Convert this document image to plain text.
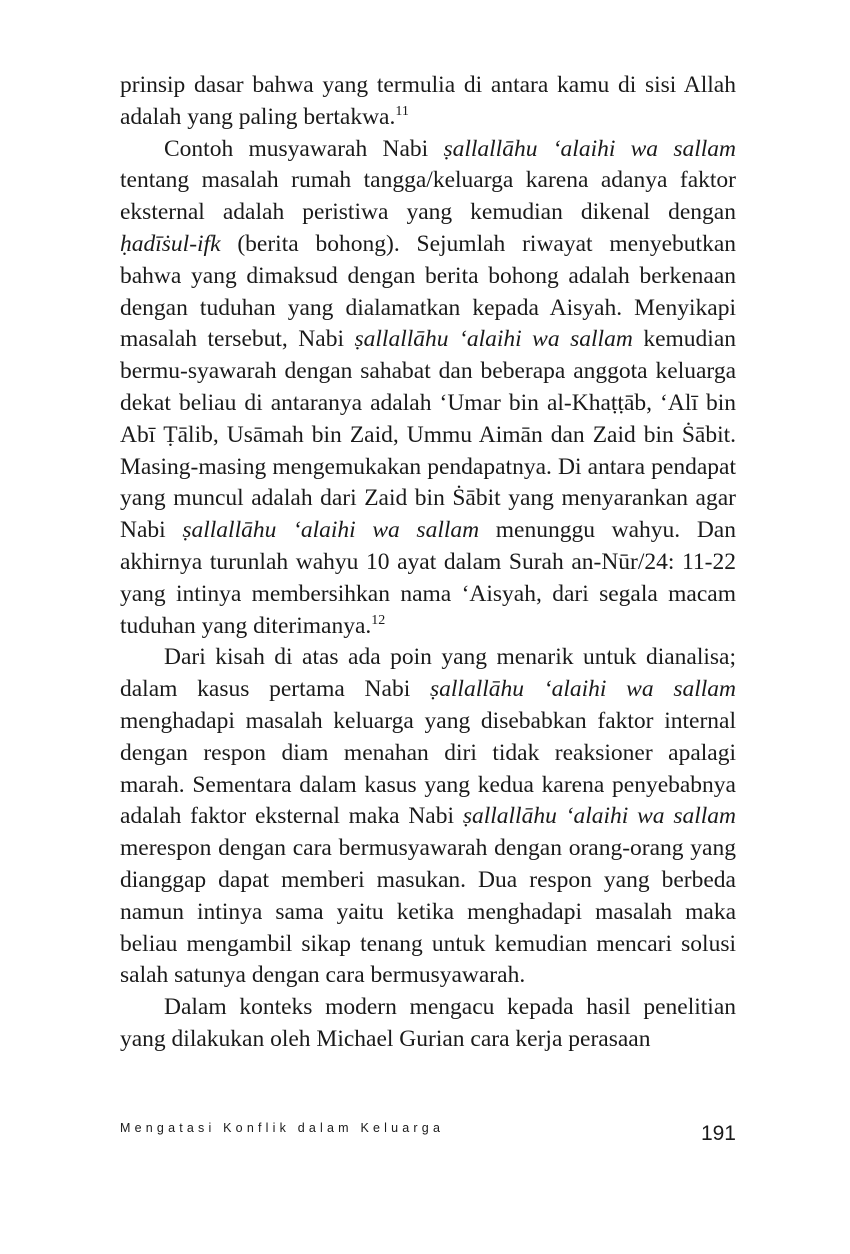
prinsip dasar bahwa yang termulia di antara kamu di sisi Allah adalah yang paling bertakwa.$^{11}$

Contoh musyawarah Nabi ṣallallāhu ‘alaihi wa sallam tentang masalah rumah tangga/keluarga karena adanya faktor eksternal adalah peristiwa yang kemudian dikenal dengan ḥadīṡul-ifk (berita bohong). Sejumlah riwayat menyebutkan bahwa yang dimaksud dengan berita bohong adalah berkenaan dengan tuduhan yang dialamatkan kepada Aisyah. Menyikapi masalah tersebut, Nabi ṣallallāhu ‘alaihi wa sallam kemudian bermu-syawarah dengan sahabat dan beberapa anggota keluarga dekat beliau di antaranya adalah ‘Umar bin al-Khaṭṭāb, ‘Alī bin Abī Ṭālib, Usāmah bin Zaid, Ummu Aimān dan Zaid bin Ṡābit. Masing-masing mengemukakan pendapatnya. Di antara pendapat yang muncul adalah dari Zaid bin Ṡābit yang menyarankan agar Nabi ṣallallāhu ‘alaihi wa sallam menunggu wahyu. Dan akhirnya turunlah wahyu 10 ayat dalam Surah an-Nūr/24: 11-22 yang intinya membersihkan nama ‘Aisyah, dari segala macam tuduhan yang diterimanya.$^{12}$

Dari kisah di atas ada poin yang menarik untuk dianalisa; dalam kasus pertama Nabi ṣallallāhu ‘alaihi wa sallam menghadapi masalah keluarga yang disebabkan faktor internal dengan respon diam menahan diri tidak reaksioner apalagi marah. Sementara dalam kasus yang kedua karena penyebabnya adalah faktor eksternal maka Nabi ṣallallāhu ‘alaihi wa sallam merespon dengan cara bermusyawarah dengan orang-orang yang dianggap dapat memberi masukan. Dua respon yang berbeda namun intinya sama yaitu ketika menghadapi masalah maka beliau mengambil sikap tenang untuk kemudian mencari solusi salah satunya dengan cara bermusyawarah.

Dalam konteks modern mengacu kepada hasil penelitian yang dilakukan oleh Michael Gurian cara kerja perasaan

Mengatasi Konflik dalam Keluarga	191
